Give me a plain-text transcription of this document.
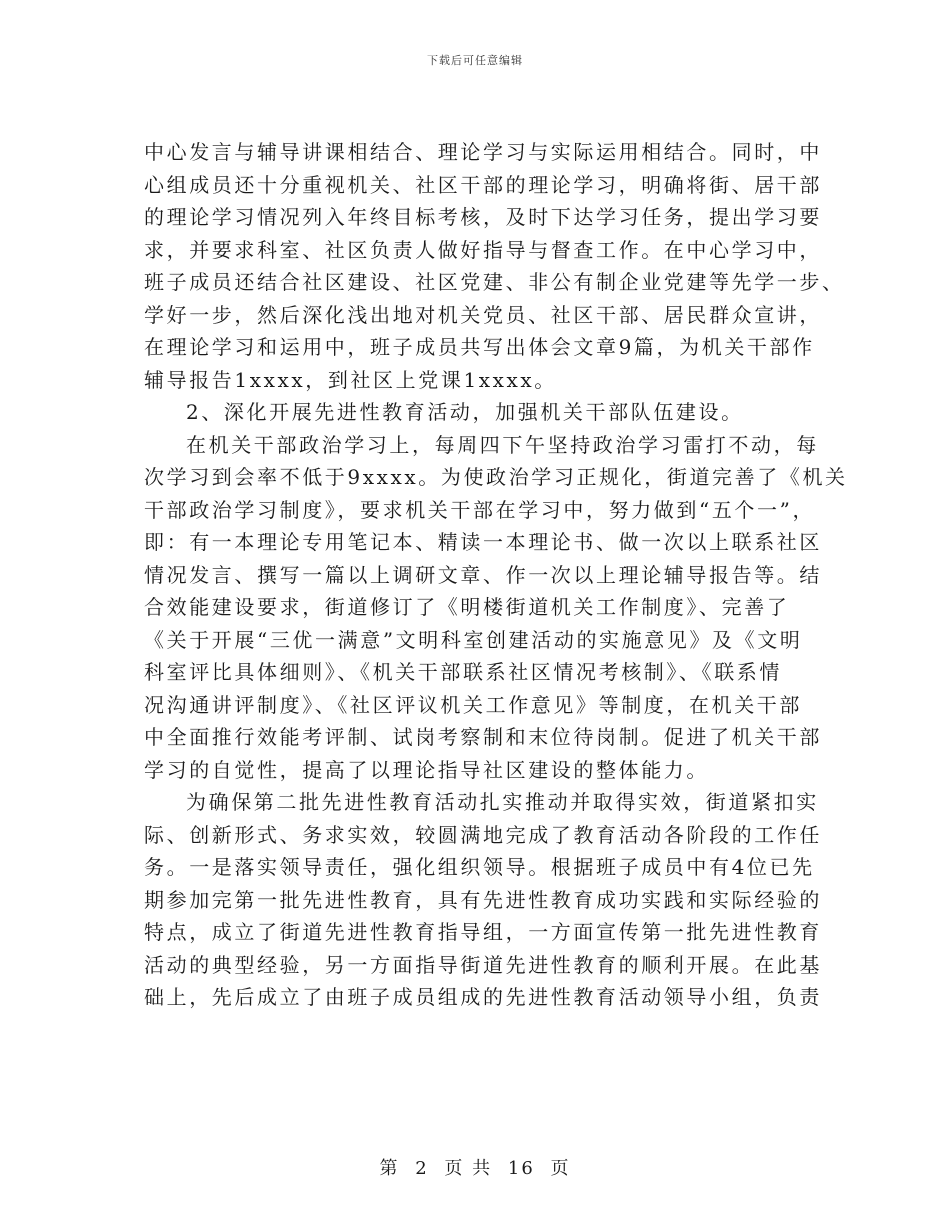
下载后可任意编辑
中心发言与辅导讲课相结合、理论学习与实际运用相结合。同时，中
心组成员还十分重视机关、社区干部的理论学习，明确将街、居干部
的理论学习情况列入年终目标考核，及时下达学习任务，提出学习要
求，并要求科室、社区负责人做好指导与督查工作。在中心学习中，
班子成员还结合社区建设、社区党建、非公有制企业党建等先学一步、
学好一步，然后深化浅出地对机关党员、社区干部、居民群众宣讲，
在理论学习和运用中，班子成员共写出体会文章9篇，为机关干部作
辅导报告1xxxx，到社区上党课1xxxx。
2、深化开展先进性教育活动，加强机关干部队伍建设。
在机关干部政治学习上，每周四下午坚持政治学习雷打不动，每
次学习到会率不低于9xxxx。为使政治学习正规化，街道完善了《机关
干部政治学习制度》，要求机关干部在学习中，努力做到“五个一”，
即：有一本理论专用笔记本、精读一本理论书、做一次以上联系社区
情况发言、撰写一篇以上调研文章、作一次以上理论辅导报告等。结
合效能建设要求，街道修订了《明楼街道机关工作制度》、完善了
《关于开展“三优一满意”文明科室创建活动的实施意见》及《文明
科室评比具体细则》、《机关干部联系社区情况考核制》、《联系情
况沟通讲评制度》、《社区评议机关工作意见》等制度，在机关干部
中全面推行效能考评制、试岗考察制和末位待岗制。促进了机关干部
学习的自觉性，提高了以理论指导社区建设的整体能力。
为确保第二批先进性教育活动扎实推动并取得实效，街道紧扣实
际、创新形式、务求实效，较圆满地完成了教育活动各阶段的工作任
务。一是落实领导责任，强化组织领导。根据班子成员中有4位已先
期参加完第一批先进性教育，具有先进性教育成功实践和实际经验的
特点，成立了街道先进性教育指导组，一方面宣传第一批先进性教育
活动的典型经验，另一方面指导街道先进性教育的顺利开展。在此基
础上，先后成立了由班子成员组成的先进性教育活动领导小组，负责
第 2 页 共 16 页
